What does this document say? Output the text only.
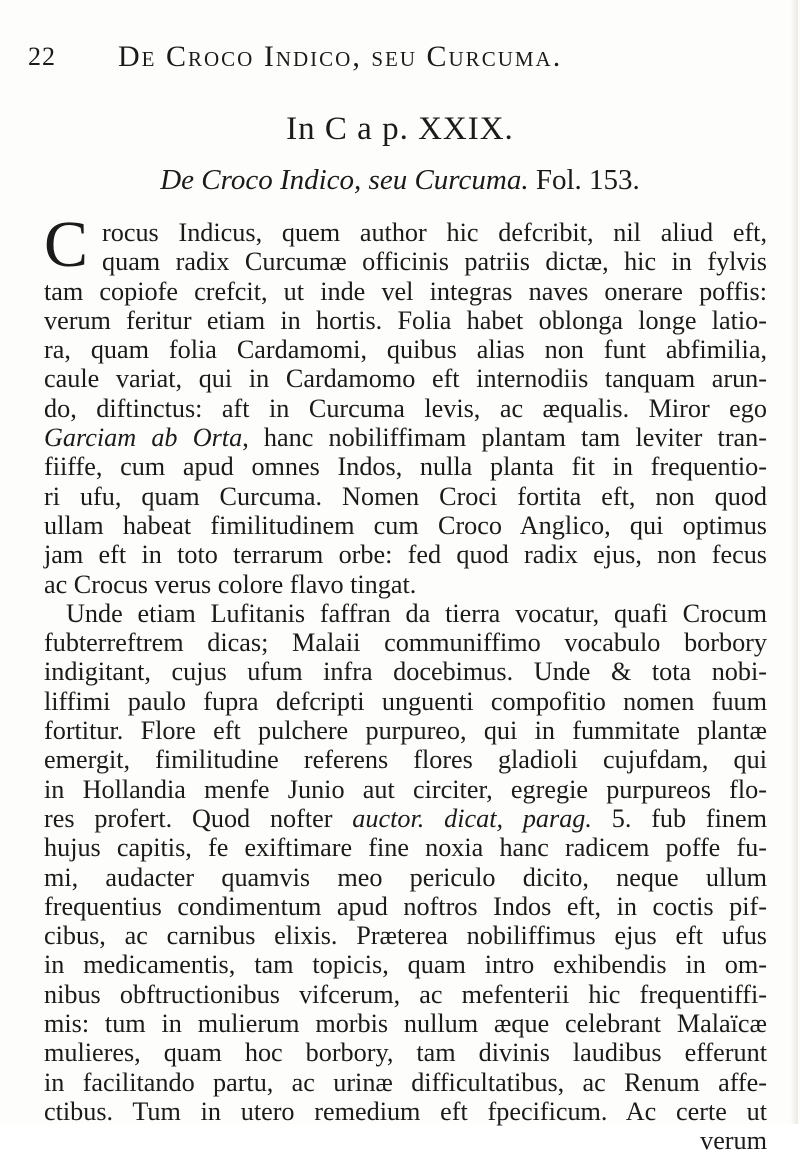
22 De Croco Indico, seu Curcuma.
In C a p. XXIX.
De Croco Indico, seu Curcuma. Fol. 153.
C rocus Indicus, quem author hic defcribit, nil aliud eft,
quam radix Curcumæ officinis patriis dictæ, hic in fylvis
tam copiofe crefcit, ut inde vel integras naves onerare poffis:
verum feritur etiam in hortis. Folia habet oblonga longe latio-
ra, quam folia Cardamomi, quibus alias non funt abfimilia,
caule variat, qui in Cardamomo eft internodiis tanquam arun-
do, diftinctus: aft in Curcuma levis, ac æqualis. Miror ego
Garciam ab Orta, hanc nobiliffimam plantam tam leviter tran-
fiiffe, cum apud omnes Indos, nulla planta fit in frequentio-
ri ufu, quam Curcuma. Nomen Croci fortita eft, non quod
ullam habeat fimilitudinem cum Croco Anglico, qui optimus
jam eft in toto terrarum orbe: fed quod radix ejus, non fecus
ac Crocus verus colore flavo tingat.
Unde etiam Lufitanis faffran da tierra vocatur, quafi Crocum
fubterreftrem dicas; Malaii communiffimo vocabulo borbory
indigitant, cujus ufum infra docebimus. Unde & tota nobi-
liffimi paulo fupra defcripti unguenti compofitio nomen fuum
fortitur. Flore eft pulchere purpureo, qui in fummitate plantæ
emergit, fimilitudine referens flores gladioli cujufdam, qui
in Hollandia menfe Junio aut circiter, egregie purpureos flo-
res profert. Quod nofter auctor. dicat, parag. 5. fub finem
hujus capitis, fe exiftimare fine noxia hanc radicem poffe fu-
mi, audacter quamvis meo periculo dicito, neque ullum
frequentius condimentum apud noftros Indos eft, in coctis pif-
cibus, ac carnibus elixis. Præterea nobiliffimus ejus eft ufus
in medicamentis, tam topicis, quam intro exhibendis in om-
nibus obftructionibus vifcerum, ac mefenterii hic frequentiffi-
mis: tum in mulierum morbis nullum æque celebrant Malaïcæ
mulieres, quam hoc borbory, tam divinis laudibus efferunt
in facilitando partu, ac urinæ difficultatibus, ac Renum affe-
ctibus. Tum in utero remedium eft fpecificum. Ac certe ut
verum
